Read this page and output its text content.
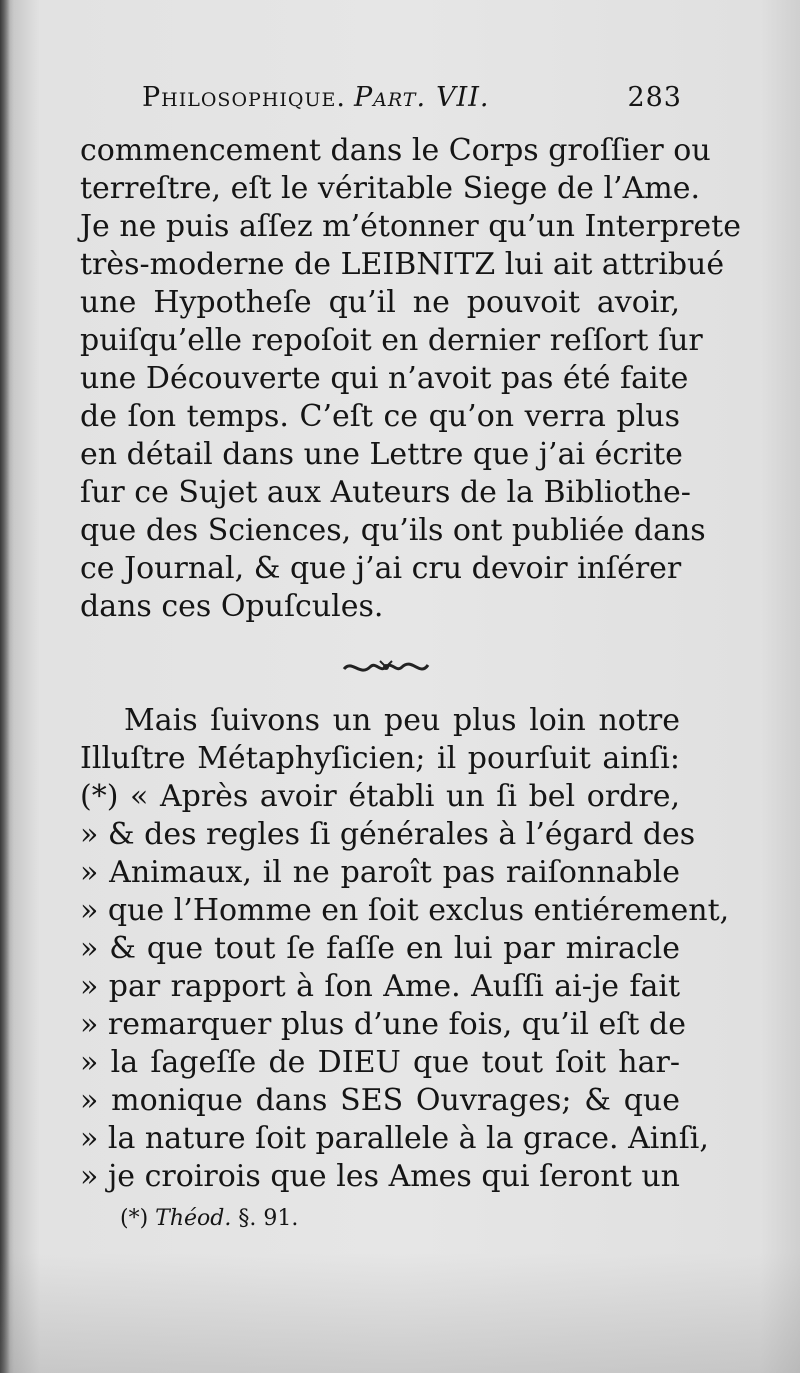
Philosophique. Part. VII.	283
commencement dans le Corps groſſier ou
terreſtre, eſt le véritable Siege de l’Ame.
Je ne puis aſſez m’étonner qu’un Interprete
très-moderne de LEIBNITZ lui ait attribué
une Hypotheſe qu’il ne pouvoit avoir,
puiſqu’elle repoſoit en dernier reſſort ſur
une Découverte qui n’avoit pas été faite
de ſon temps. C’eſt ce qu’on verra plus
en détail dans une Lettre que j’ai écrite
ſur ce Sujet aux Auteurs de la Bibliothe-
que des Sciences, qu’ils ont publiée dans
ce Journal, & que j’ai cru devoir inſérer
dans ces Opuſcules.
Mais ſuivons un peu plus loin notre
Illuſtre Métaphyſicien; il pourſuit ainſi:
(*) « Après avoir établi un ſi bel ordre,
» & des regles ſi générales à l’égard des
» Animaux, il ne paroît pas raiſonnable
» que l’Homme en ſoit exclus entiérement,
» & que tout ſe faſſe en lui par miracle
» par rapport à ſon Ame. Auſſi ai-je fait
» remarquer plus d’une fois, qu’il eſt de
» la ſageſſe de DIEU que tout ſoit har-
» monique dans SES Ouvrages; & que
» la nature ſoit parallele à la grace. Ainſi,
» je croirois que les Ames qui ſeront un
(*) Théod. §. 91.
